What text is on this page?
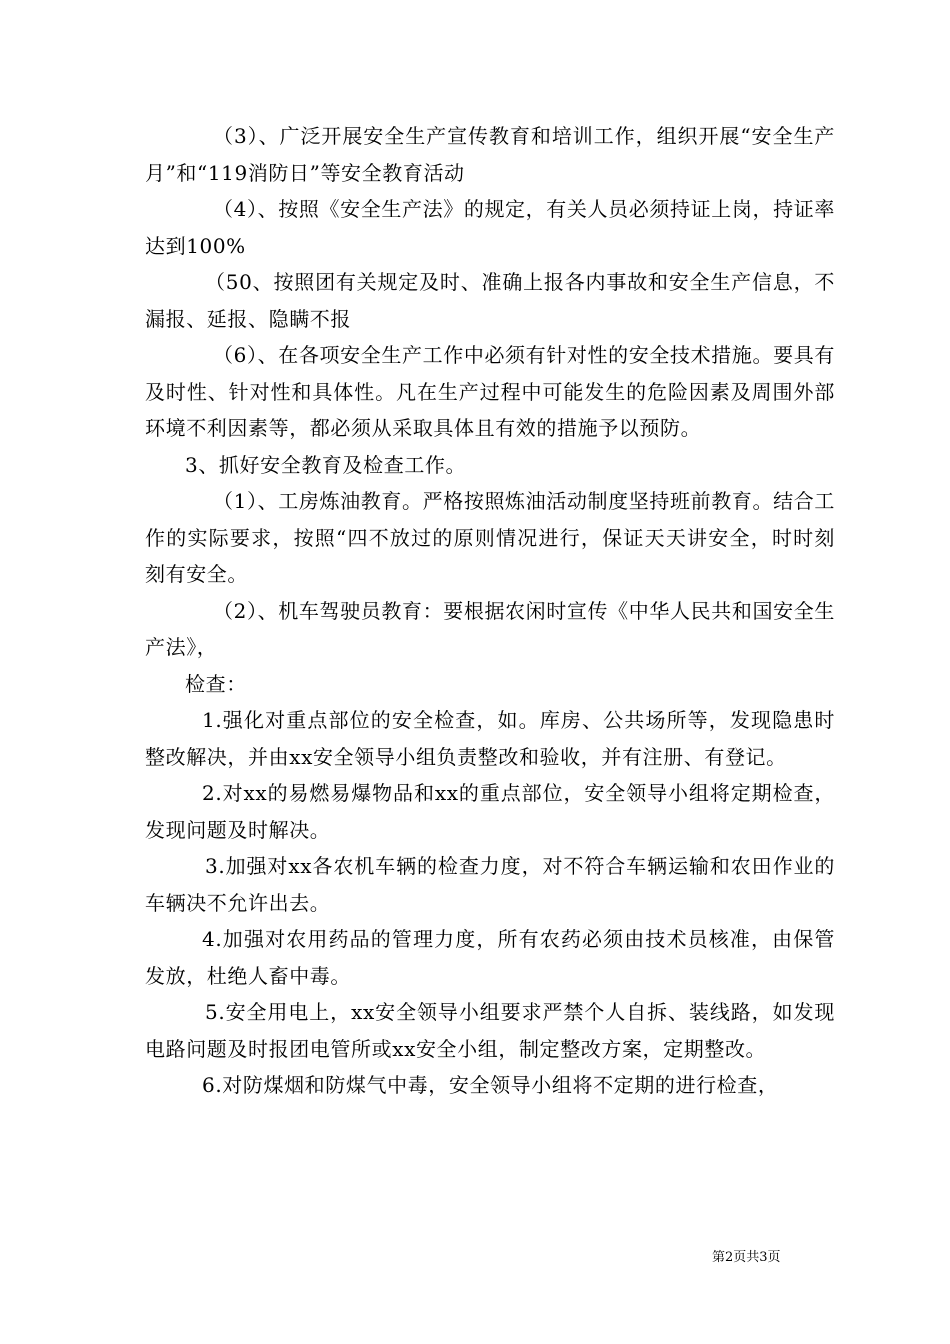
（3）、广泛开展安全生产宣传教育和培训工作，组织开展“安全生产月”和“119消防日”等安全教育活动

（4）、按照《安全生产法》的规定，有关人员必须持证上岗，持证率达到100%

（50、按照团有关规定及时、准确上报各内事故和安全生产信息，不漏报、延报、隐瞒不报

（6）、在各项安全生产工作中必须有针对性的安全技术措施。要具有及时性、针对性和具体性。凡在生产过程中可能发生的危险因素及周围外部环境不利因素等，都必须从采取具体且有效的措施予以预防。

3、抓好安全教育及检查工作。

（1）、工房炼油教育。严格按照炼油活动制度坚持班前教育。结合工作的实际要求，按照“四不放过的原则情况进行，保证天天讲安全，时时刻刻有安全。

（2）、机车驾驶员教育：要根据农闲时宣传《中华人民共和国安全生产法》，

检查：

1.强化对重点部位的安全检查，如。库房、公共场所等，发现隐患时整改解决，并由xx安全领导小组负责整改和验收，并有注册、有登记。

2.对xx的易燃易爆物品和xx的重点部位，安全领导小组将定期检查，发现问题及时解决。

3.加强对xx各农机车辆的检查力度，对不符合车辆运输和农田作业的车辆决不允许出去。

4.加强对农用药品的管理力度，所有农药必须由技术员核准，由保管发放，杜绝人畜中毒。

5.安全用电上，xx安全领导小组要求严禁个人自拆、装线路，如发现电路问题及时报团电管所或xx安全小组，制定整改方案，定期整改。

6.对防煤烟和防煤气中毒，安全领导小组将不定期的进行检查，

第2页共3页
